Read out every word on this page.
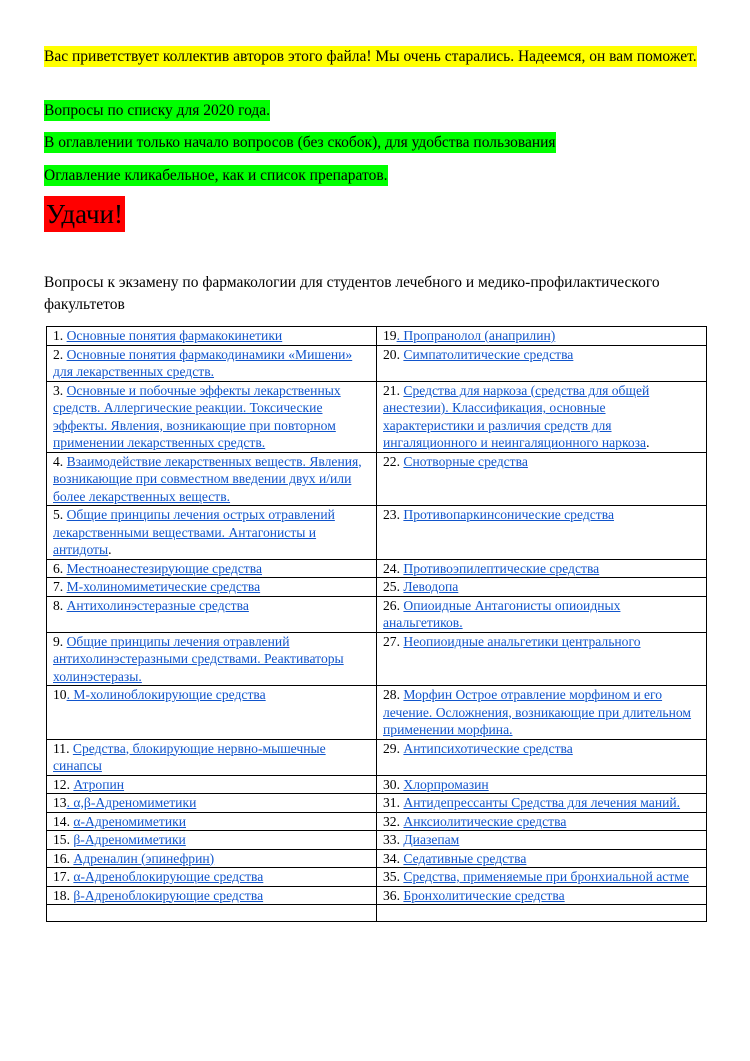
Вас приветствует коллектив авторов этого файла! Мы очень старались. Надеемся, он вам поможет.
Вопросы по списку для 2020 года.
В оглавлении только начало вопросов (без скобок), для удобства пользования
Оглавление кликабельное, как и список препаратов.
Удачи!
Вопросы к экзамену по фармакологии для студентов лечебного и медико-профилактического факультетов
1. Основные понятия фармакокинетики	19. Пропранолол (анаприлин)
2. Основные понятия фармакодинамики «Мишени» для лекарственных средств.	20. Симпатолитические средства
3. Основные и побочные эффекты лекарственных средств. Аллергические реакции. Токсические эффекты. Явления, возникающие при повторном применении лекарственных средств.	21. Средства для наркоза (средства для общей анестезии). Классификация, основные характеристики и различия средств для ингаляционного и неингаляционного наркоза.
4. Взаимодействие лекарственных веществ. Явления, возникающие при совместном введении двух и/или более лекарственных веществ.	22. Снотворные средства
5. Общие принципы лечения острых отравлений лекарственными веществами. Антагонисты и антидоты.	23. Противопаркинсонические средства
6. Местноанестезирующие средства	24. Противоэпилептические средства
7. М-холиномиметические средства	25. Леводопа
8. Антихолинэстеразные средства	26. Опиоидные Антагонисты опиоидных анальгетиков.
9. Общие принципы лечения отравлений антихолинэстеразными средствами. Реактиваторы холинэстеразы.	27. Неопиоидные анальгетики центрального
10. М-холиноблокирующие средства	28. Морфин Острое отравление морфином и его лечение. Осложнения, возникающие при длительном применении морфина.
11. Средства, блокирующие нервно-мышечные синапсы	29. Антипсихотические средства
12. Атропин	30. Хлорпромазин
13. α,β-Адреномиметики	31. Антидепрессанты Средства для лечения маний.
14. α-Адреномиметики	32. Анксиолитические средства
15. β-Адреномиметики	33. Диазепам
16. Адреналин (эпинефрин)	34. Седативные средства
17. α-Адреноблокирующие средства	35. Средства, применяемые при бронхиальной астме
18. β-Адреноблокирующие средства	36. Бронхолитические средства
